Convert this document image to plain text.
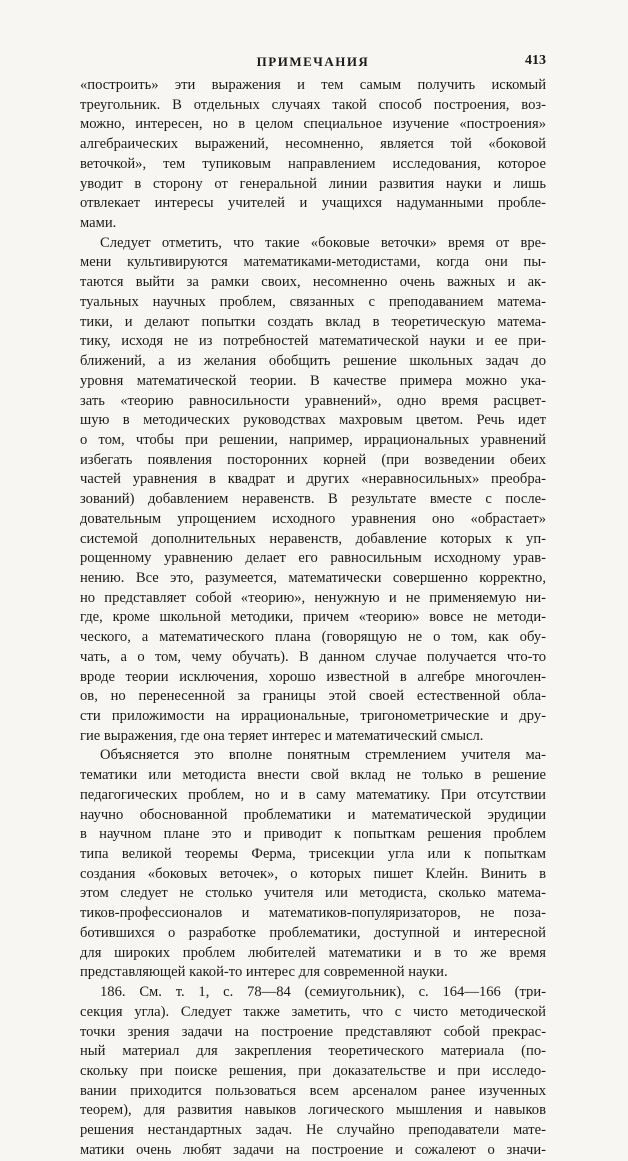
ПРИМЕЧАНИЯ	413
«построить» эти выражения и тем самым получить искомый
треугольник. В отдельных случаях такой способ построения, воз-
можно, интересен, но в целом специальное изучение «построения»
алгебраических выражений, несомненно, является той «боковой
веточкой», тем тупиковым направлением исследования, которое
уводит в сторону от генеральной линии развития науки и лишь
отвлекает интересы учителей и учащихся надуманными пробле-
мами.
Следует отметить, что такие «боковые веточки» время от вре-
мени культивируются математиками-методистами, когда они пы-
таются выйти за рамки своих, несомненно очень важных и ак-
туальных научных проблем, связанных с преподаванием матема-
тики, и делают попытки создать вклад в теоретическую матема-
тику, исходя не из потребностей математической науки и ее при-
ближений, а из желания обобщить решение школьных задач до
уровня математической теории. В качестве примера можно ука-
зать «теорию равносильности уравнений», одно время расцвет-
шую в методических руководствах махровым цветом. Речь идет
о том, чтобы при решении, например, иррациональных уравнений
избегать появления посторонних корней (при возведении обеих
частей уравнения в квадрат и других «неравносильных» преобра-
зований) добавлением неравенств. В результате вместе с после-
довательным упрощением исходного уравнения оно «обрастает»
системой дополнительных неравенств, добавление которых к уп-
рощенному уравнению делает его равносильным исходному урав-
нению. Все это, разумеется, математически совершенно корректно,
но представляет собой «теорию», ненужную и не применяемую ни-
где, кроме школьной методики, причем «теорию» вовсе не методи-
ческого, а математического плана (говорящую не о том, как обу-
чать, а о том, чему обучать). В данном случае получается что-то
вроде теории исключения, хорошо известной в алгебре многочлен-
ов, но перенесенной за границы этой своей естественной обла-
сти приложимости на иррациональные, тригонометрические и дру-
гие выражения, где она теряет интерес и математический смысл.
Объясняется это вполне понятным стремлением учителя ма-
тематики или методиста внести свой вклад не только в решение
педагогических проблем, но и в саму математику. При отсутствии
научно обоснованной проблематики и математической эрудиции
в научном плане это и приводит к попыткам решения проблем
типа великой теоремы Ферма, трисекции угла или к попыткам
создания «боковых веточек», о которых пишет Клейн. Винить в
этом следует не столько учителя или методиста, сколько матема-
тиков-профессионалов и математиков-популяризаторов, не поза-
ботившихся о разработке проблематики, доступной и интересной
для широких проблем любителей математики и в то же время
представляющей какой-то интерес для современной науки.
186. См. т. 1, с. 78—84 (семиугольник), с. 164—166 (три-
секция угла). Следует также заметить, что с чисто методической
точки зрения задачи на построение представляют собой прекрас-
ный материал для закрепления теоретического материала (по-
скольку при поиске решения, при доказательстве и при исследо-
вании приходится пользоваться всем арсеналом ранее изученных
теорем), для развития навыков логического мышления и навыков
решения нестандартных задач. Не случайно преподаватели мате-
матики очень любят задачи на построение и сожалеют о значи-
